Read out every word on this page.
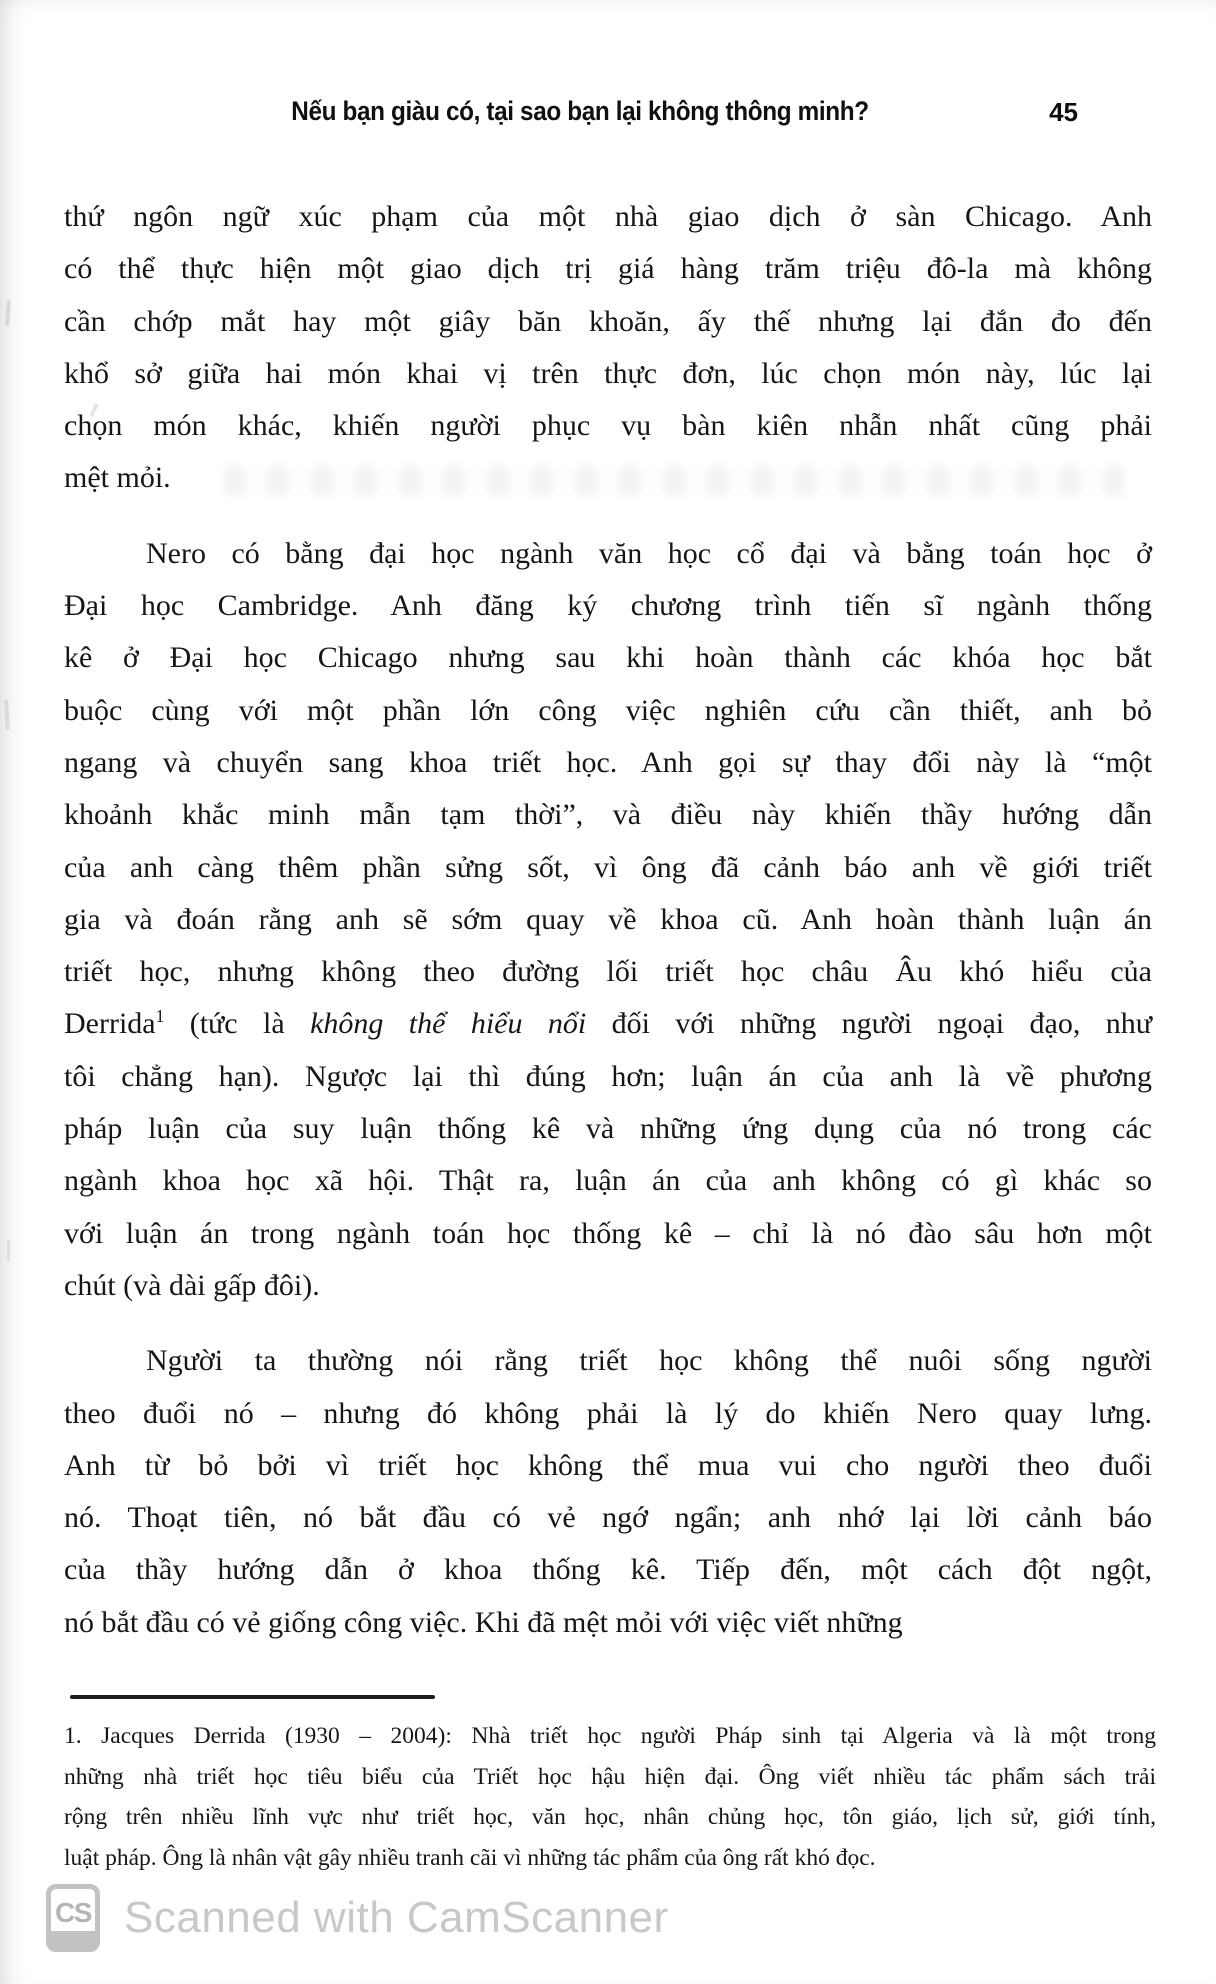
Nếu bạn giàu có, tại sao bạn lại không thông minh?	45
thứ ngôn ngữ xúc phạm của một nhà giao dịch ở sàn Chicago. Anh
có thể thực hiện một giao dịch trị giá hàng trăm triệu đô-la mà không
cần chớp mắt hay một giây băn khoăn, ấy thế nhưng lại đắn đo đến
khổ sở giữa hai món khai vị trên thực đơn, lúc chọn món này, lúc lại
chọn món khác, khiến người phục vụ bàn kiên nhẫn nhất cũng phải
mệt mỏi.
Nero có bằng đại học ngành văn học cổ đại và bằng toán học ở
Đại học Cambridge. Anh đăng ký chương trình tiến sĩ ngành thống
kê ở Đại học Chicago nhưng sau khi hoàn thành các khóa học bắt
buộc cùng với một phần lớn công việc nghiên cứu cần thiết, anh bỏ
ngang và chuyển sang khoa triết học. Anh gọi sự thay đổi này là “một
khoảnh khắc minh mẫn tạm thời”, và điều này khiến thầy hướng dẫn
của anh càng thêm phần sửng sốt, vì ông đã cảnh báo anh về giới triết
gia và đoán rằng anh sẽ sớm quay về khoa cũ. Anh hoàn thành luận án
triết học, nhưng không theo đường lối triết học châu Âu khó hiểu của
Derrida$^1$ (tức là không thể hiểu nổi đối với những người ngoại đạo, như
tôi chẳng hạn). Ngược lại thì đúng hơn; luận án của anh là về phương
pháp luận của suy luận thống kê và những ứng dụng của nó trong các
ngành khoa học xã hội. Thật ra, luận án của anh không có gì khác so
với luận án trong ngành toán học thống kê – chỉ là nó đào sâu hơn một
chút (và dài gấp đôi).
Người ta thường nói rằng triết học không thể nuôi sống người
theo đuổi nó – nhưng đó không phải là lý do khiến Nero quay lưng.
Anh từ bỏ bởi vì triết học không thể mua vui cho người theo đuổi
nó. Thoạt tiên, nó bắt đầu có vẻ ngớ ngẩn; anh nhớ lại lời cảnh báo
của thầy hướng dẫn ở khoa thống kê. Tiếp đến, một cách đột ngột,
nó bắt đầu có vẻ giống công việc. Khi đã mệt mỏi với việc viết những
1. Jacques Derrida (1930 – 2004): Nhà triết học người Pháp sinh tại Algeria và là một trong
những nhà triết học tiêu biểu của Triết học hậu hiện đại. Ông viết nhiều tác phẩm sách trải
rộng trên nhiều lĩnh vực như triết học, văn học, nhân chủng học, tôn giáo, lịch sử, giới tính,
luật pháp. Ông là nhân vật gây nhiều tranh cãi vì những tác phẩm của ông rất khó đọc.
CS Scanned with CamScanner
